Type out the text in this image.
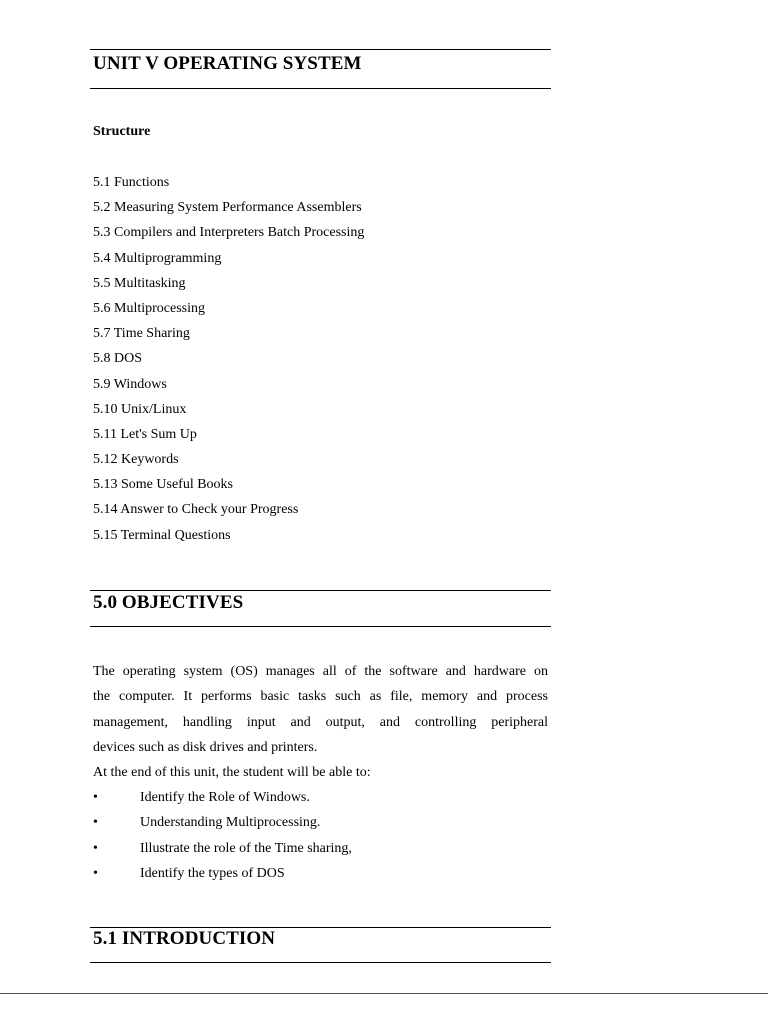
UNIT V OPERATING SYSTEM
Structure
5.1 Functions
5.2 Measuring System Performance Assemblers
5.3 Compilers and Interpreters Batch Processing
5.4 Multiprogramming
5.5 Multitasking
5.6 Multiprocessing
5.7 Time Sharing
5.8 DOS
5.9 Windows
5.10 Unix/Linux
5.11 Let's Sum Up
5.12 Keywords
5.13 Some Useful Books
5.14 Answer to Check your Progress
5.15 Terminal Questions
5.0 OBJECTIVES

The operating system (OS) manages all of the software and hardware on
the computer. It performs basic tasks such as file, memory and process
management, handling input and output, and controlling peripheral
devices such as disk drives and printers.

At the end of this unit, the student will be able to:

•	Identify the Role of Windows.
•	Understanding Multiprocessing.
•	Illustrate the role of the Time sharing,
•	Identify the types of DOS
5.1 INTRODUCTION
